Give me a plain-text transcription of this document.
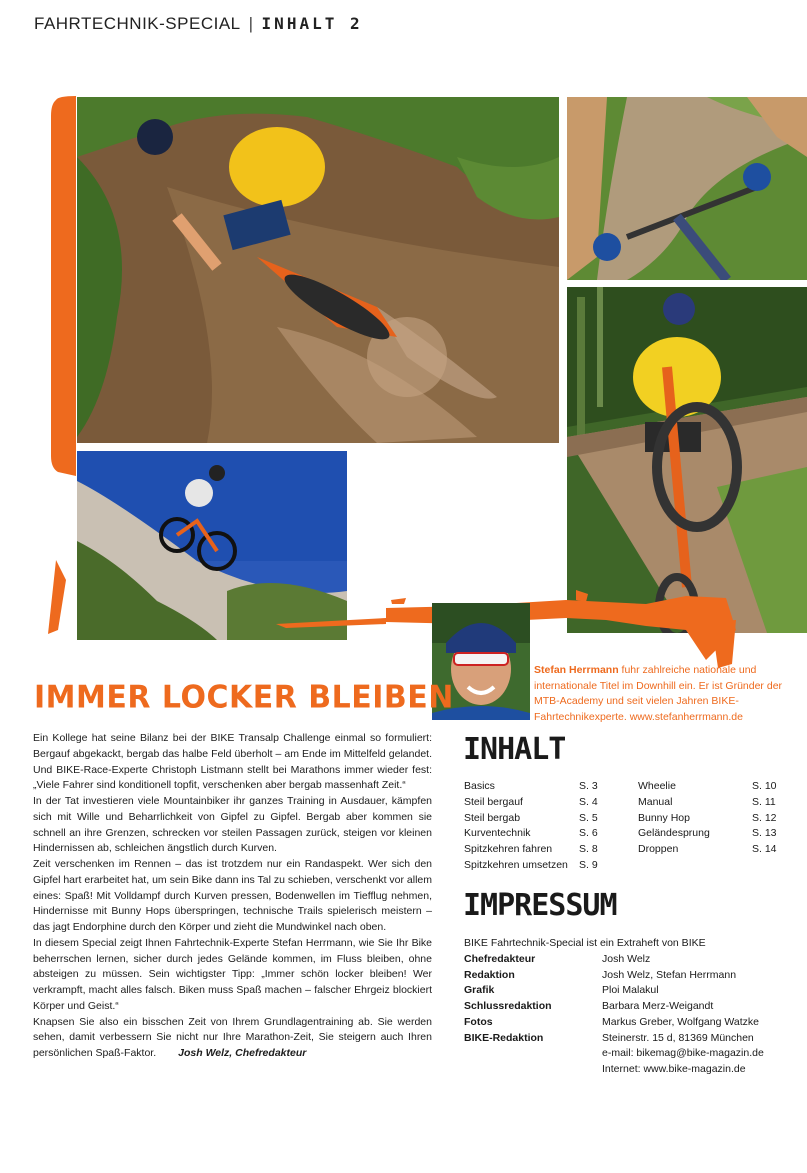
FAHRTECHNIK-SPECIAL | INHALT 2
Stefan Herrmann fuhr zahlreiche nationale und internationale Titel im Downhill ein. Er ist Gründer der MTB-Academy und seit vielen Jahren BIKE-Fahrtechnikexperte. www.stefanherrmann.de
IMMER LOCKER BLEIBEN

Ein Kollege hat seine Bilanz bei der BIKE Transalp Challenge einmal so formuliert: Bergauf abgekackt, bergab das halbe Feld überholt – am Ende im Mittelfeld gelandet. Und BIKE-Race-Experte Christoph Listmann stellt bei Marathons immer wieder fest: „Viele Fahrer sind konditionell topfit, verschenken aber bergab massenhaft Zeit.“

In der Tat investieren viele Mountainbiker ihr ganzes Training in Ausdauer, kämpfen sich mit Wille und Beharrlichkeit von Gipfel zu Gipfel. Bergab aber kommen sie schnell an ihre Grenzen, schrecken vor steilen Passagen zurück, steigen vor kleinen Hindernissen ab, schleichen ängstlich durch Kurven.

Zeit verschenken im Rennen – das ist trotzdem nur ein Randaspekt. Wer sich den Gipfel hart erarbeitet hat, um sein Bike dann ins Tal zu schieben, verschenkt vor allem eines: Spaß! Mit Volldampf durch Kurven pressen, Bodenwellen im Tiefflug nehmen, Hindernisse mit Bunny Hops überspringen, technische Trails spielerisch meistern – das jagt Endorphine durch den Körper und zieht die Mundwinkel nach oben.

In diesem Special zeigt Ihnen Fahrtechnik-Experte Stefan Herrmann, wie Sie Ihr Bike beherrschen lernen, sicher durch jedes Gelände kommen, im Fluss bleiben, ohne absteigen zu müssen. Sein wichtigster Tipp: „Immer schön locker bleiben! Wer verkrampft, macht alles falsch. Biken muss Spaß machen – falscher Ehrgeiz blockiert Körper und Geist.“

Knapsen Sie also ein bisschen Zeit von Ihrem Grundlagentraining ab. Sie werden sehen, damit verbessern Sie nicht nur Ihre Marathon-Zeit, Sie steigern auch Ihren persönlichen Spaß-Faktor. Josh Welz, Chefredakteur

INHALT
Basics	S. 3
Steil bergauf	S. 4
Steil bergab	S. 5
Kurventechnik	S. 6
Spitzkehren fahren	S. 8
Spitzkehren umsetzen S. 9
Wheelie	S. 10
Manual	S. 11
Bunny Hop	S. 12
Geländesprung	S. 13
Droppen	S. 14
IMPRESSUM
BIKE Fahrtechnik-Special ist ein Extraheft von BIKE
Chefredakteur	Josh Welz
Redaktion	Josh Welz, Stefan Herrmann
Grafik	Ploi Malakul
Schlussredaktion	Barbara Merz-Weigandt
Fotos	Markus Greber, Wolfgang Watzke
BIKE-Redaktion	Steinerstr. 15 d, 81369 München
e-mail: bikemag@bike-magazin.de
Internet: www.bike-magazin.de
